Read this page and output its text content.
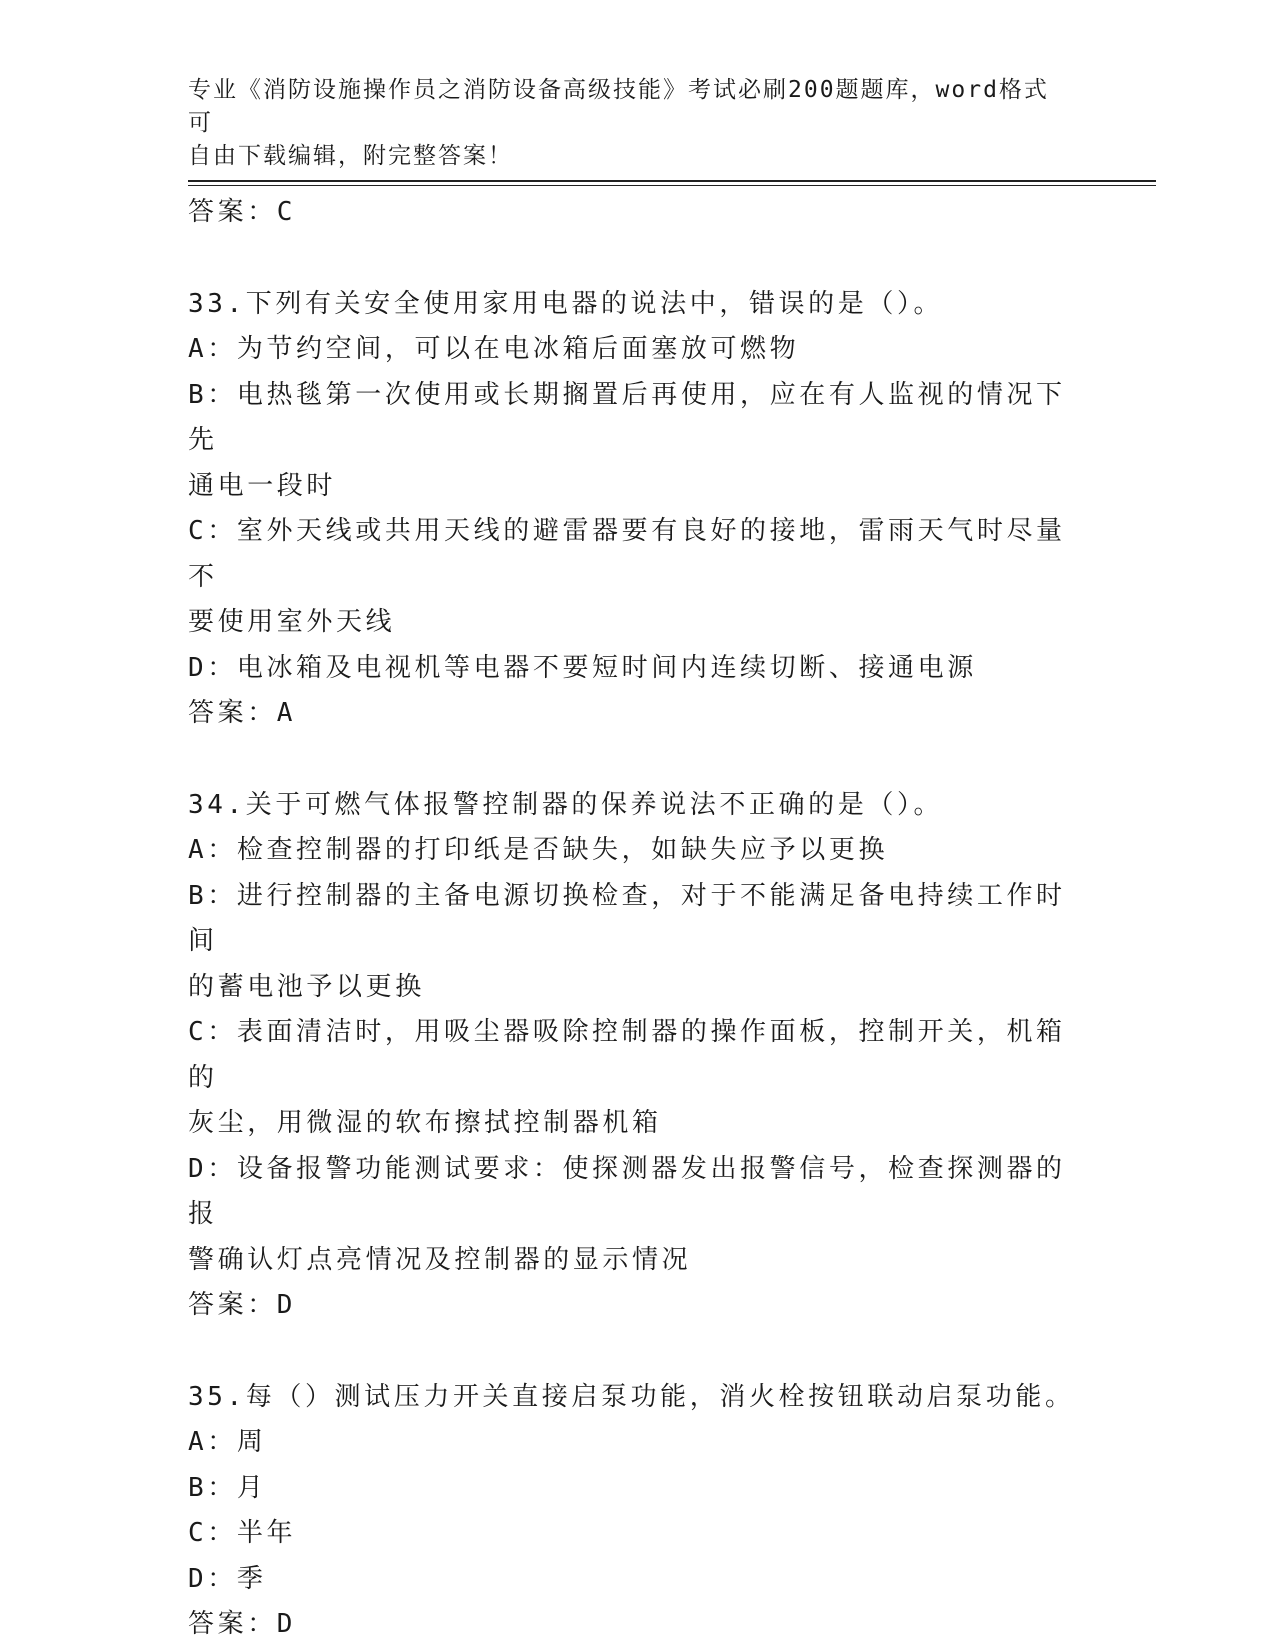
专业《消防设施操作员之消防设备高级技能》考试必刷200题题库，word格式可
自由下载编辑，附完整答案！

答案：C

33.下列有关安全使用家用电器的说法中，错误的是（）。

A：为节约空间，可以在电冰箱后面塞放可燃物

B：电热毯第一次使用或长期搁置后再使用，应在有人监视的情况下先

通电一段时

C：室外天线或共用天线的避雷器要有良好的接地，雷雨天气时尽量不

要使用室外天线

D：电冰箱及电视机等电器不要短时间内连续切断、接通电源

答案：A

34.关于可燃气体报警控制器的保养说法不正确的是（）。

A：检查控制器的打印纸是否缺失，如缺失应予以更换

B：进行控制器的主备电源切换检查，对于不能满足备电持续工作时间

的蓄电池予以更换

C：表面清洁时，用吸尘器吸除控制器的操作面板，控制开关，机箱的

灰尘，用微湿的软布擦拭控制器机箱

D：设备报警功能测试要求：使探测器发出报警信号，检查探测器的报

警确认灯点亮情况及控制器的显示情况

答案：D

35.每（）测试压力开关直接启泵功能，消火栓按钮联动启泵功能。

A：周

B：月

C：半年

D：季

答案：D
